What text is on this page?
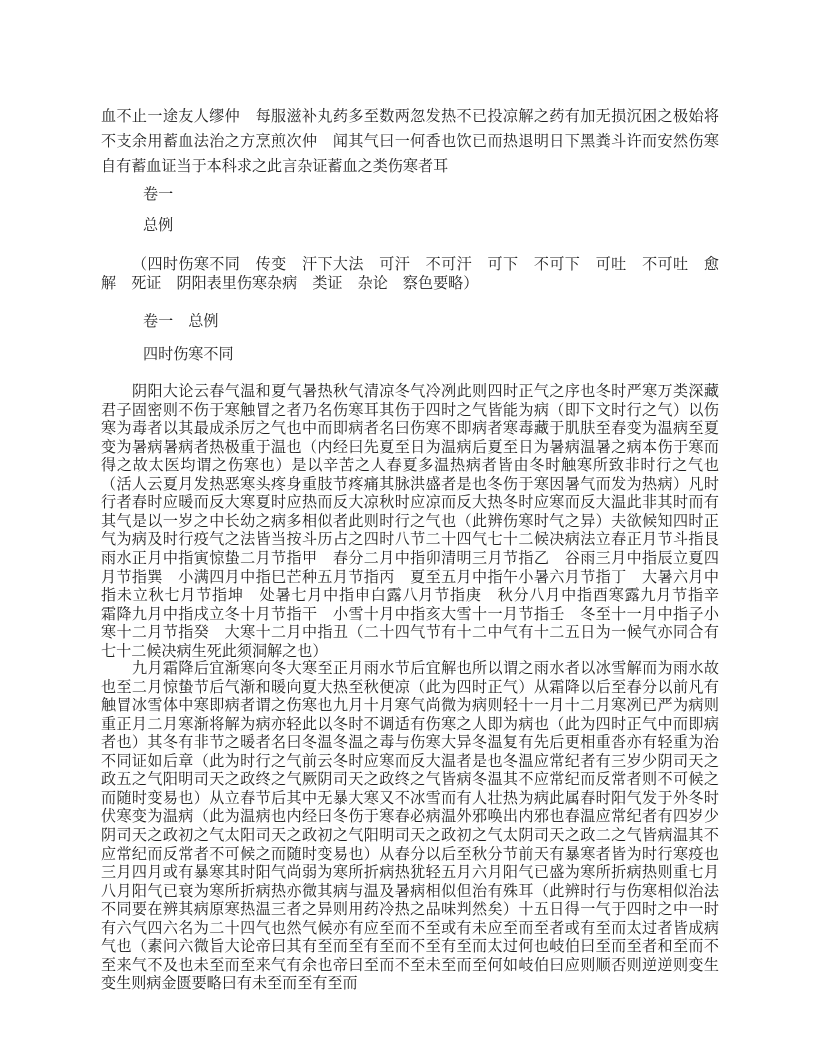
血不止一途友人缪仲　每服滋补丸药多至数两忽发热不已投凉解之药有加无损沉困之极始将不支余用蓄血法治之方烹煎次仲　闻其气曰一何香也饮已而热退明日下黑粪斗许而安然伤寒自有蓄血证当于本科求之此言杂证蓄血之类伤寒者耳

卷一

总例

（四时伤寒不同　传变　汗下大法　可汗　不可汗　可下　不可下　可吐　不可吐　愈解　死证　阴阳表里伤寒杂病　类证　杂论　察色要略）

卷一　总例

四时伤寒不同

阴阳大论云春气温和夏气暑热秋气清凉冬气冷冽此则四时正气之序也冬时严寒万类深藏君子固密则不伤于寒触冒之者乃名伤寒耳其伤于四时之气皆能为病（即下文时行之气）以伤寒为毒者以其最成杀厉之气也中而即病者名曰伤寒不即病者寒毒藏于肌肤至春变为温病至夏变为暑病暑病者热极重于温也（内经曰先夏至日为温病后夏至日为暑病温暑之病本伤于寒而得之故太医均谓之伤寒也）是以辛苦之人春夏多温热病者皆由冬时触寒所致非时行之气也（活人云夏月发热恶寒头疼身重肢节疼痛其脉洪盛者是也冬伤于寒因暑气而发为热病）凡时行者春时应暖而反大寒夏时应热而反大凉秋时应凉而反大热冬时应寒而反大温此非其时而有其气是以一岁之中长幼之病多相似者此则时行之气也（此辨伤寒时气之异）夫欲候知四时正气为病及时行疫气之法皆当按斗历占之四时八节二十四气七十二候决病法立春正月节斗指艮　雨水正月中指寅惊蛰二月节指甲　春分二月中指卯清明三月节指乙　谷雨三月中指辰立夏四月节指巽　小满四月中指巳芒种五月节指丙　夏至五月中指午小暑六月节指丁　大暑六月中指未立秋七月节指坤　处暑七月中指申白露八月节指庚　秋分八月中指酉寒露九月节指辛　霜降九月中指戌立冬十月节指干　小雪十月中指亥大雪十一月节指壬　冬至十一月中指子小寒十二月节指癸　大寒十二月中指丑（二十四气节有十二中气有十二五日为一候气亦同合有七十二候决病生死此须洞解之也）

九月霜降后宜渐寒向冬大寒至正月雨水节后宜解也所以谓之雨水者以冰雪解而为雨水故也至二月惊蛰节后气渐和暖向夏大热至秋便凉（此为四时正气）从霜降以后至春分以前凡有触冒冰雪体中寒即病者谓之伤寒也九月十月寒气尚微为病则轻十一月十二月寒冽已严为病则重正月二月寒渐将解为病亦轻此以冬时不调适有伤寒之人即为病也（此为四时正气中而即病者也）其冬有非节之暖者名曰冬温冬温之毒与伤寒大异冬温复有先后更相重沓亦有轻重为治不同证如后章（此为时行之气前云冬时应寒而反大温者是也冬温应常纪者有三岁少阴司天之政五之气阳明司天之政终之气厥阴司天之政终之气皆病冬温其不应常纪而反常者则不可候之而随时变易也）从立春节后其中无暴大寒又不冰雪而有人壮热为病此属春时阳气发于外冬时伏寒变为温病（此为温病也内经曰冬伤于寒春必病温外邪唤出内邪也春温应常纪者有四岁少阴司天之政初之气太阳司天之政初之气阳明司天之政初之气太阴司天之政二之气皆病温其不应常纪而反常者不可候之而随时变易也）从春分以后至秋分节前天有暴寒者皆为时行寒疫也三月四月或有暴寒其时阳气尚弱为寒所折病热犹轻五月六月阳气已盛为寒所折病热则重七月八月阳气已衰为寒所折病热亦微其病与温及暑病相似但治有殊耳（此辨时行与伤寒相似治法不同要在辨其病原寒热温三者之异则用药冷热之品味判然矣）十五日得一气于四时之中一时有六气四六名为二十四气也然气候亦有应至而不至或有未应至而至者或有至而太过者皆成病气也（素问六微旨大论帝曰其有至而至有至而不至有至而太过何也岐伯曰至而至者和至而不至来气不及也未至而至来气有余也帝曰至而不至未至而至何如岐伯曰应则顺否则逆逆则变生变生则病金匮要略曰有未至而至有至而
